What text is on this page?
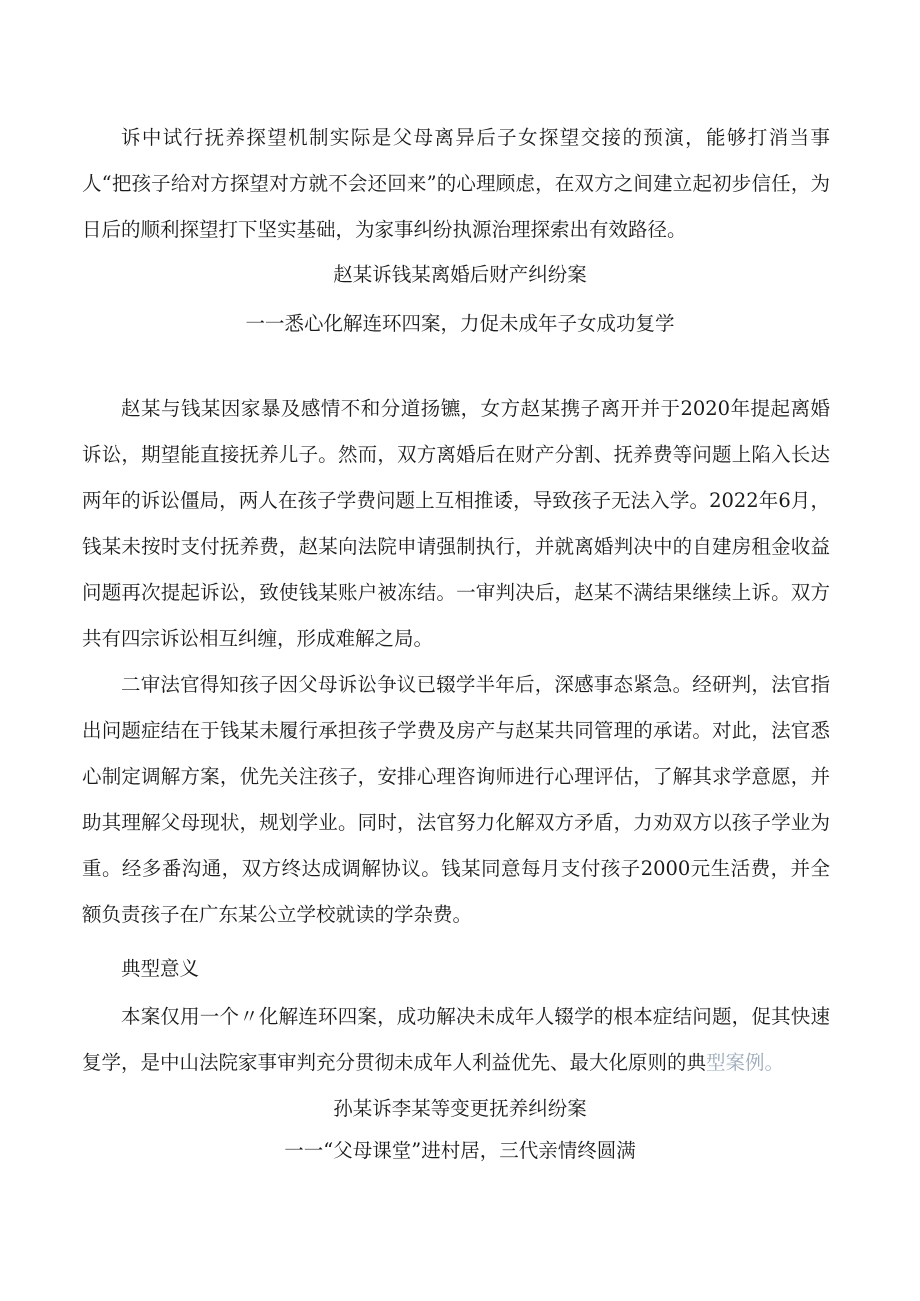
诉中试行抚养探望机制实际是父母离异后子女探望交接的预演，能够打消当事人“把孩子给对方探望对方就不会还回来”的心理顾虑，在双方之间建立起初步信任，为日后的顺利探望打下坚实基础，为家事纠纷执源治理探索出有效路径。

赵某诉钱某离婚后财产纠纷案

一一悉心化解连环四案，力促未成年子女成功复学

赵某与钱某因家暴及感情不和分道扬镳，女方赵某携子离开并于2020年提起离婚诉讼，期望能直接抚养儿子。然而，双方离婚后在财产分割、抚养费等问题上陷入长达两年的诉讼僵局，两人在孩子学费问题上互相推诿，导致孩子无法入学。2022年6月，钱某未按时支付抚养费，赵某向法院申请强制执行，并就离婚判决中的自建房租金收益问题再次提起诉讼，致使钱某账户被冻结。一审判决后，赵某不满结果继续上诉。双方共有四宗诉讼相互纠缠，形成难解之局。

二审法官得知孩子因父母诉讼争议已辍学半年后，深感事态紧急。经研判，法官指出问题症结在于钱某未履行承担孩子学费及房产与赵某共同管理的承诺。对此，法官悉心制定调解方案，优先关注孩子，安排心理咨询师进行心理评估，了解其求学意愿，并助其理解父母现状，规划学业。同时，法官努力化解双方矛盾，力劝双方以孩子学业为重。经多番沟通，双方终达成调解协议。钱某同意每月支付孩子2000元生活费，并全额负责孩子在广东某公立学校就读的学杂费。

典型意义

本案仅用一个〃化解连环四案，成功解决未成年人辍学的根本症结问题，促其快速复学，是中山法院家事审判充分贯彻未成年人利益优先、最大化原则的典型案例。

孙某诉李某等变更抚养纠纷案

一一“父母课堂”进村居，三代亲情终圆满
